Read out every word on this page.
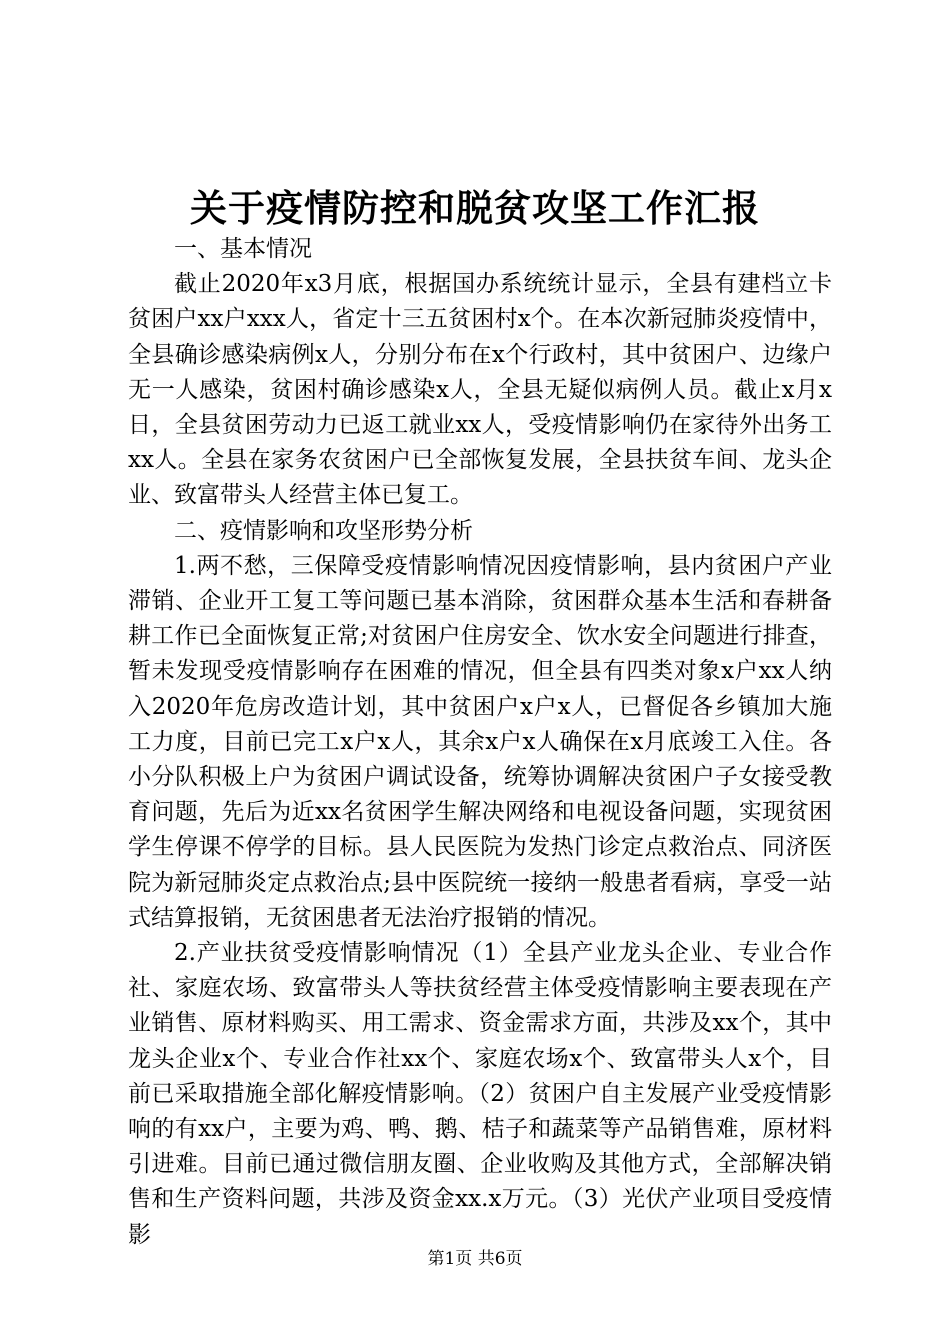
关于疫情防控和脱贫攻坚工作汇报

一、基本情况

截止2020年x3月底，根据国办系统统计显示，全县有建档立卡贫困户xx户xxx人，省定十三五贫困村x个。在本次新冠肺炎疫情中，全县确诊感染病例x人，分别分布在x个行政村，其中贫困户、边缘户无一人感染，贫困村确诊感染x人，全县无疑似病例人员。截止x月x日，全县贫困劳动力已返工就业xx人，受疫情影响仍在家待外出务工xx人。全县在家务农贫困户已全部恢复发展，全县扶贫车间、龙头企业、致富带头人经营主体已复工。

二、疫情影响和攻坚形势分析

1.两不愁，三保障受疫情影响情况因疫情影响，县内贫困户产业滞销、企业开工复工等问题已基本消除，贫困群众基本生活和春耕备耕工作已全面恢复正常;对贫困户住房安全、饮水安全问题进行排查，暂未发现受疫情影响存在困难的情况，但全县有四类对象x户xx人纳入2020年危房改造计划，其中贫困户x户x人，已督促各乡镇加大施工力度，目前已完工x户x人，其余x户x人确保在x月底竣工入住。各小分队积极上户为贫困户调试设备，统筹协调解决贫困户子女接受教育问题，先后为近xx名贫困学生解决网络和电视设备问题，实现贫困学生停课不停学的目标。县人民医院为发热门诊定点救治点、同济医院为新冠肺炎定点救治点;县中医院统一接纳一般患者看病，享受一站式结算报销，无贫困患者无法治疗报销的情况。

2.产业扶贫受疫情影响情况（1）全县产业龙头企业、专业合作社、家庭农场、致富带头人等扶贫经营主体受疫情影响主要表现在产业销售、原材料购买、用工需求、资金需求方面，共涉及xx个，其中龙头企业x个、专业合作社xx个、家庭农场x个、致富带头人x个，目前已采取措施全部化解疫情影响。（2）贫困户自主发展产业受疫情影响的有xx户，主要为鸡、鸭、鹅、桔子和蔬菜等产品销售难，原材料引进难。目前已通过微信朋友圈、企业收购及其他方式，全部解决销售和生产资料问题，共涉及资金xx.x万元。（3）光伏产业项目受疫情影

第1页 共6页
